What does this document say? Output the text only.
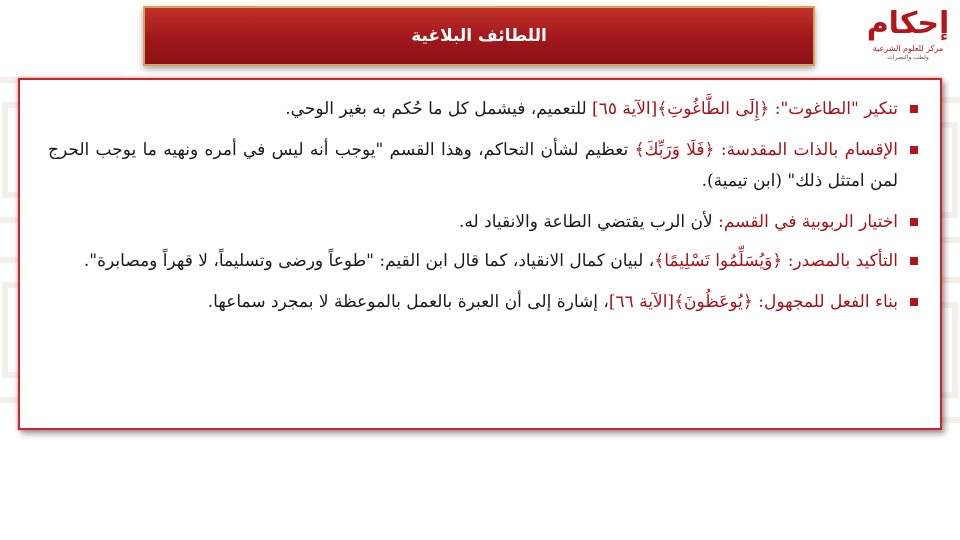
اللطائف البلاغية	إحكام
مركز للعلوم الشرعية
ولطب والنصرات
تنكير "الطاغوت": ﴿إِلَى الطَّاغُوتِ﴾[الآية ٦٥] للتعميم، فيشمل كل ما حُكم به بغير الوحي.
الإقسام بالذات المقدسة: ﴿فَلَا وَرَبِّكَ﴾ تعظيم لشأن التحاكم، وهذا القسم "يوجب أنه ليس في أمره ونهيه ما يوجب الحرج لمن امتثل ذلك" (ابن تيمية).
اختيار الربوبية في القسم: لأن الرب يقتضي الطاعة والانقياد له.
التأكيد بالمصدر: ﴿وَيُسَلِّمُوا تَسْلِيمًا﴾، لبيان كمال الانقياد، كما قال ابن القيم: "طوعاً ورضى وتسليماً، لا قهراً ومصابرة".
بناء الفعل للمجهول: ﴿يُوعَظُونَ﴾[الآية ٦٦]، إشارة إلى أن العبرة بالعمل بالموعظة لا بمجرد سماعها.
